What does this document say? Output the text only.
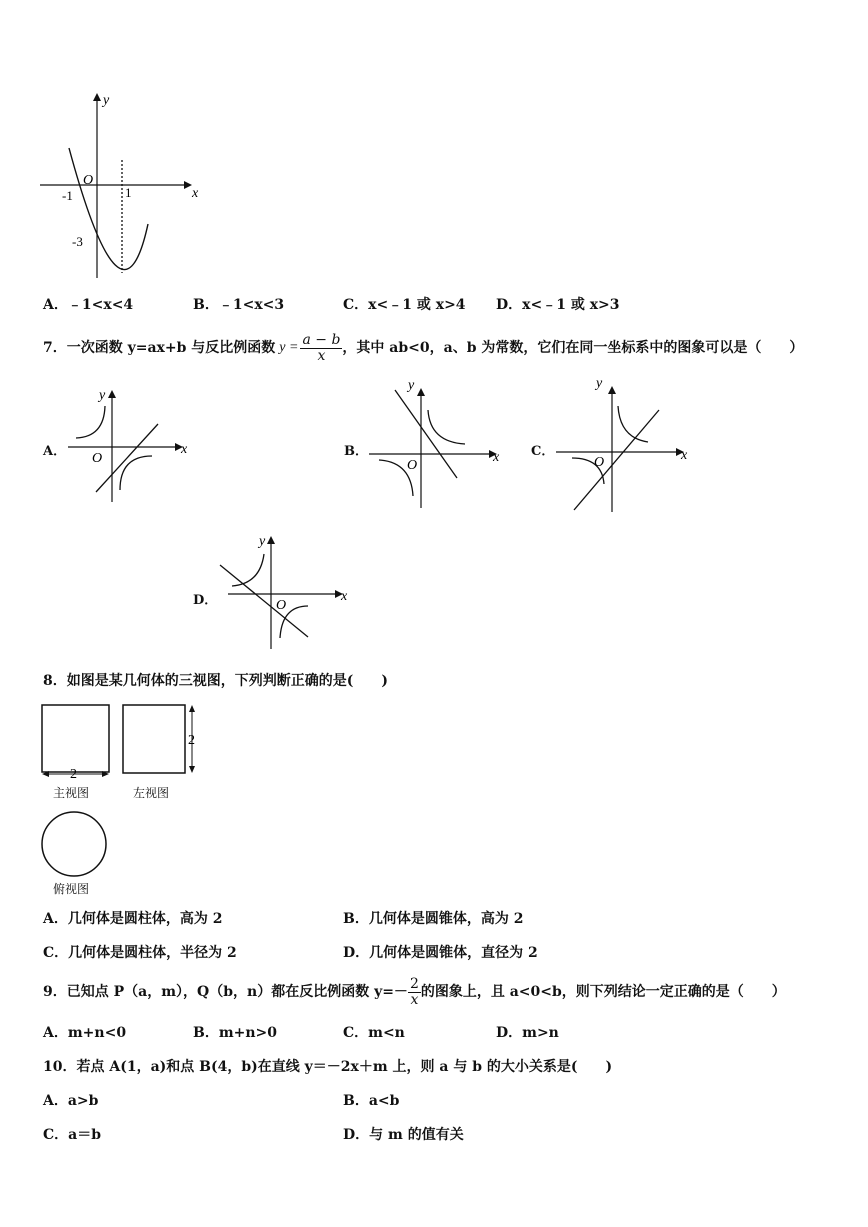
y
x
O
-1	1
-3
A．﹣1<x<4	B．﹣1<x<3	C．x<﹣1 或 x>4 D．x<﹣1 或 x>3
7．一次函数 y=ax+b 与反比例函数 $y = \frac{a - b}{x}$ ，其中 ab<0，a、b 为常数，它们在同一坐标系中的图象可以是（　　）
A．
y
x
O	B．
y
x
O
C．
y
x
O
D．
y
x
O
8．如图是某几何体的三视图，下列判断正确的是(　　)
2
主视图
2
左视图
俯视图
A．几何体是圆柱体，高为 2	B．几何体是圆锥体，高为 2
C．几何体是圆柱体，半径为 2	D．几何体是圆锥体，直径为 2
9．已知点 P（a，m），Q（b，n）都在反比例函数 $y=- \frac{2}{x}$ 的图象上，且 a<0<b，则下列结论一定正确的是（　　）
A．m+n<0	B．m+n>0	C．m<n	D．m>n
10．若点 A(1，a)和点 B(4，b)在直线 y＝－2x＋m 上，则 a 与 b 的大小关系是(　　)
A．a>b	B．a<b
C．a＝b	D．与 m 的值有关
